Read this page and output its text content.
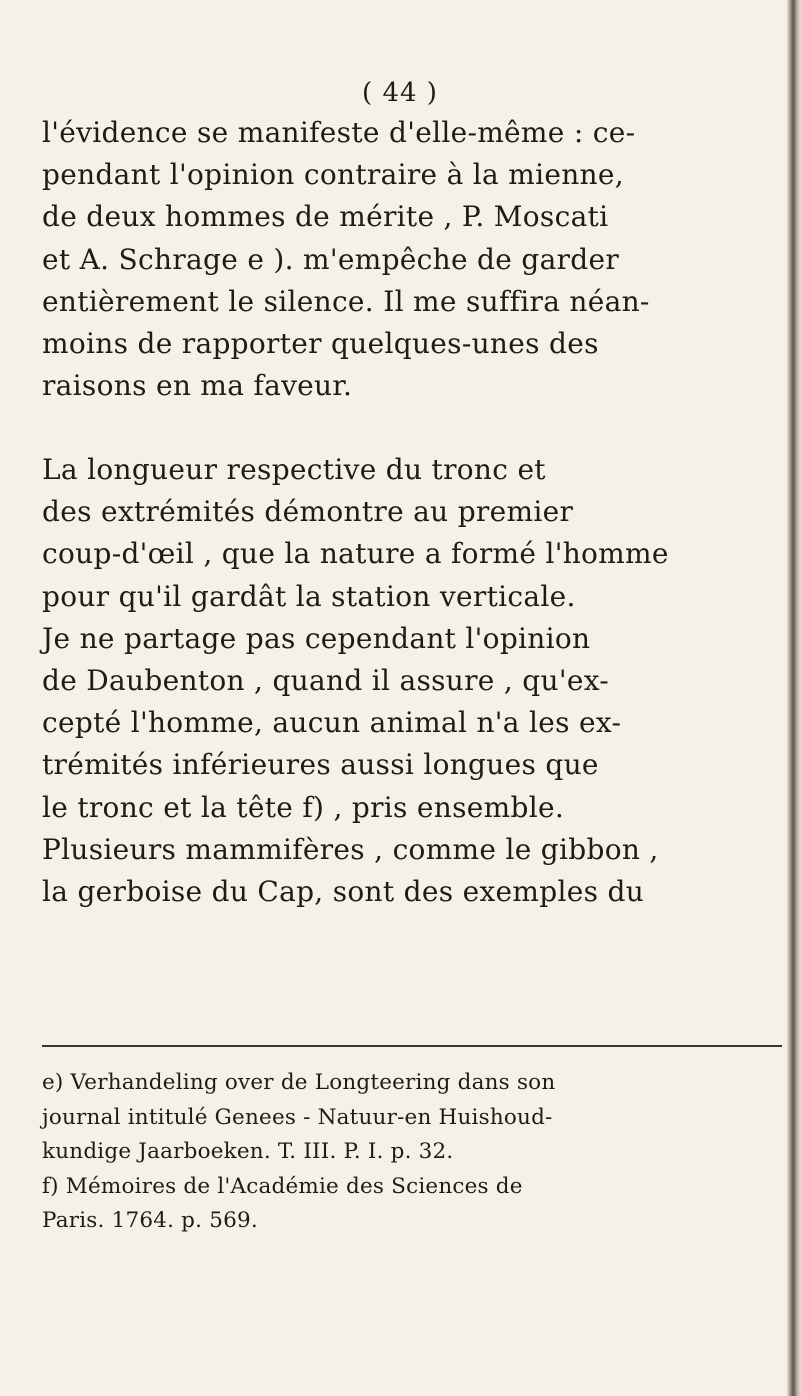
( 44 )
l'évidence se manifeste d'elle-même : ce-
pendant l'opinion contraire à la mienne,
de deux hommes de mérite , P. Moscati
et A. Schrage e ). m'empêche de garder
entièrement le silence. Il me suffira néan-
moins de rapporter quelques-unes des
raisons en ma faveur.
La longueur respective du tronc et
des extrémités démontre au premier
coup-d'œil , que la nature a formé l'homme
pour qu'il gardât la station verticale.
Je ne partage pas cependant l'opinion
de Daubenton , quand il assure , qu'ex-
cepté l'homme, aucun animal n'a les ex-
trémités inférieures aussi longues que
le tronc et la tête f) , pris ensemble.
Plusieurs mammifères , comme le gibbon ,
la gerboise du Cap, sont des exemples du
e) Verhandeling over de Longteering dans son
journal intitulé Genees - Natuur-en Huishoud-
kundige Jaarboeken. T. III. P. I. p. 32.
f) Mémoires de l'Académie des Sciences de
Paris. 1764. p. 569.
